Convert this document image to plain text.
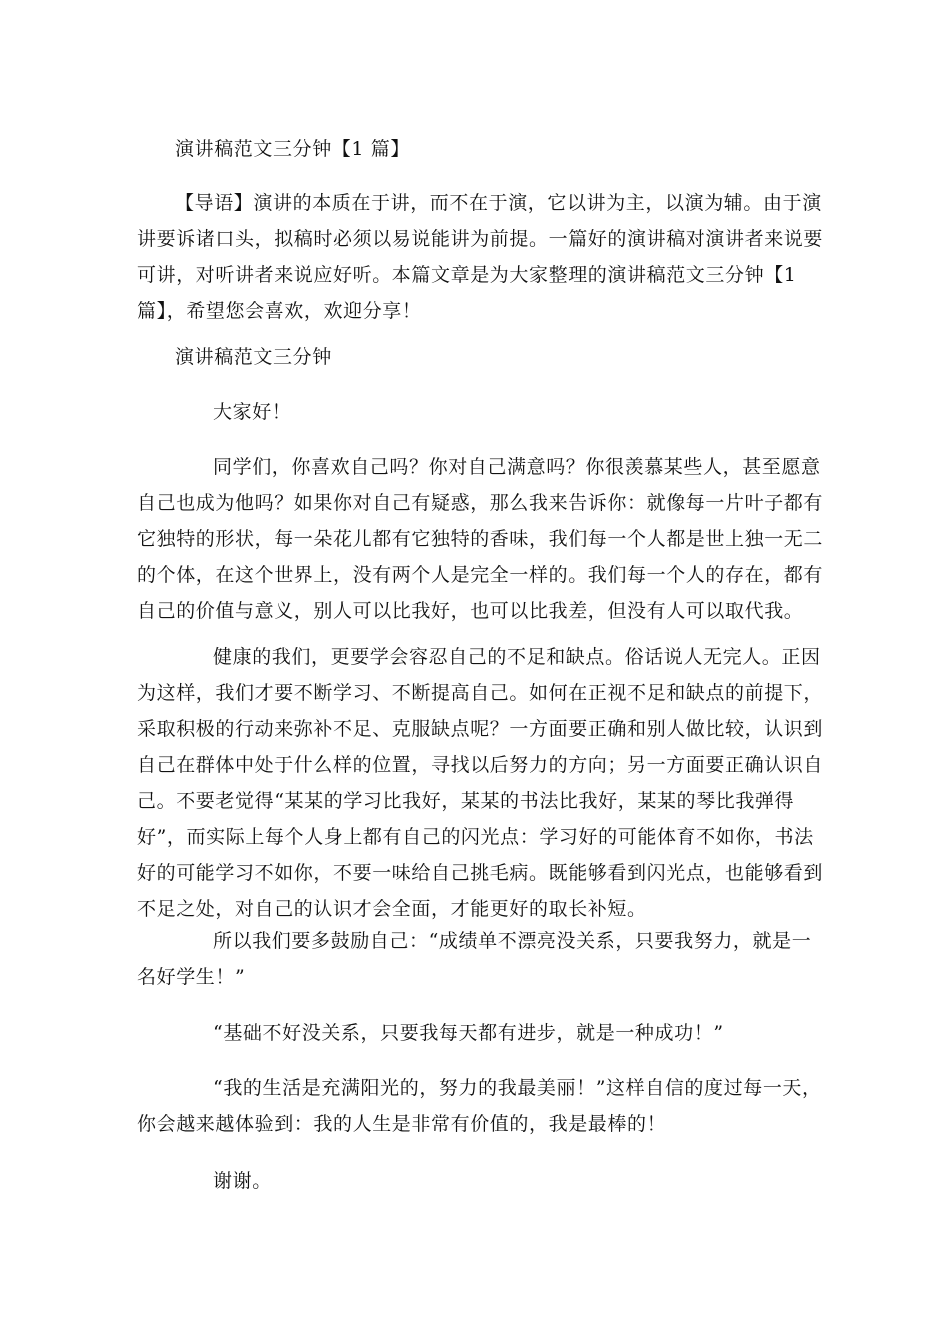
演讲稿范文三分钟【1 篇】

【导语】演讲的本质在于讲，而不在于演，它以讲为主，以演为辅。由于演
讲要诉诸口头，拟稿时必须以易说能讲为前提。一篇好的演讲稿对演讲者来说要
可讲，对听讲者来说应好听。本篇文章是为大家整理的演讲稿范文三分钟【1
篇】，希望您会喜欢，欢迎分享！

演讲稿范文三分钟

大家好！

同学们，你喜欢自己吗？你对自己满意吗？你很羡慕某些人，甚至愿意
自己也成为他吗？如果你对自己有疑惑，那么我来告诉你：就像每一片叶子都有
它独特的形状，每一朵花儿都有它独特的香味，我们每一个人都是世上独一无二
的个体，在这个世界上，没有两个人是完全一样的。我们每一个人的存在，都有
自己的价值与意义，别人可以比我好，也可以比我差，但没有人可以取代我。

健康的我们，更要学会容忍自己的不足和缺点。俗话说人无完人。正因
为这样，我们才要不断学习、不断提高自己。如何在正视不足和缺点的前提下，
采取积极的行动来弥补不足、克服缺点呢？一方面要正确和别人做比较，认识到
自己在群体中处于什么样的位置，寻找以后努力的方向；另一方面要正确认识自
己。不要老觉得“某某的学习比我好，某某的书法比我好，某某的琴比我弹得
好”，而实际上每个人身上都有自己的闪光点：学习好的可能体育不如你，书法
好的可能学习不如你，不要一味给自己挑毛病。既能够看到闪光点，也能够看到
不足之处，对自己的认识才会全面，才能更好的取长补短。

所以我们要多鼓励自己：“成绩单不漂亮没关系，只要我努力，就是一
名好学生！”

“基础不好没关系，只要我每天都有进步，就是一种成功！”

“我的生活是充满阳光的，努力的我最美丽！”这样自信的度过每一天，
你会越来越体验到：我的人生是非常有价值的，我是最棒的！

谢谢。
